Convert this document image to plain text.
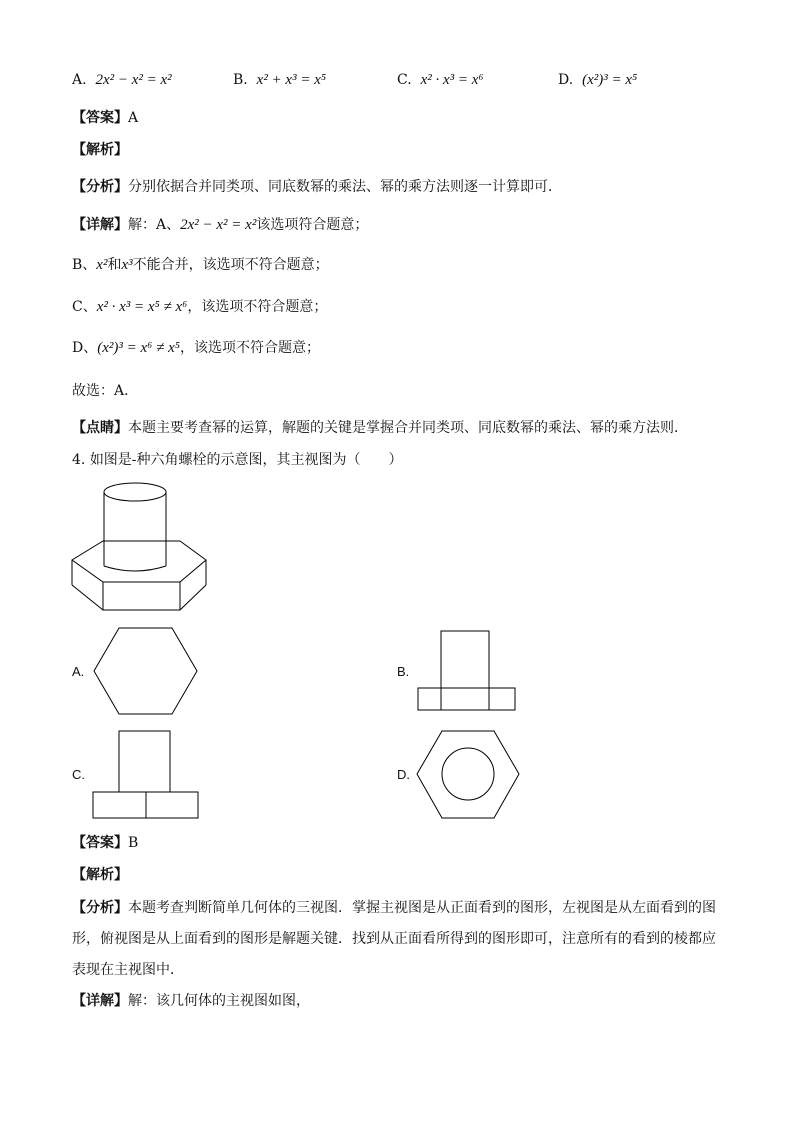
A. 2x² − x² = x²	B. x² + x³ = x⁵	C. x² · x³ = x⁶	D. (x²)³ = x⁵
【答案】A
【解析】
【分析】分别依据合并同类项、同底数幂的乘法、幂的乘方法则逐一计算即可．
【详解】解：A、2x² − x² = x²该选项符合题意；
B、x²和x³不能合并，该选项不符合题意；
C、x² · x³ = x⁵ ≠ x⁶，该选项不符合题意；
D、(x²)³ = x⁶ ≠ x⁵，该选项不符合题意；
故选：A．
【点睛】本题主要考查幂的运算，解题的关键是掌握合并同类项、同底数幂的乘法、幂的乘方法则．
4. 如图是-种六角螺栓的示意图，其主视图为（　　）
A.	B.
C.	D.
【答案】B
【解析】
【分析】本题考查判断简单几何体的三视图．掌握主视图是从正面看到的图形，左视图是从左面看到的图
形，俯视图是从上面看到的图形是解题关键．找到从正面看所得到的图形即可，注意所有的看到的棱都应
表现在主视图中．
【详解】解：该几何体的主视图如图，
